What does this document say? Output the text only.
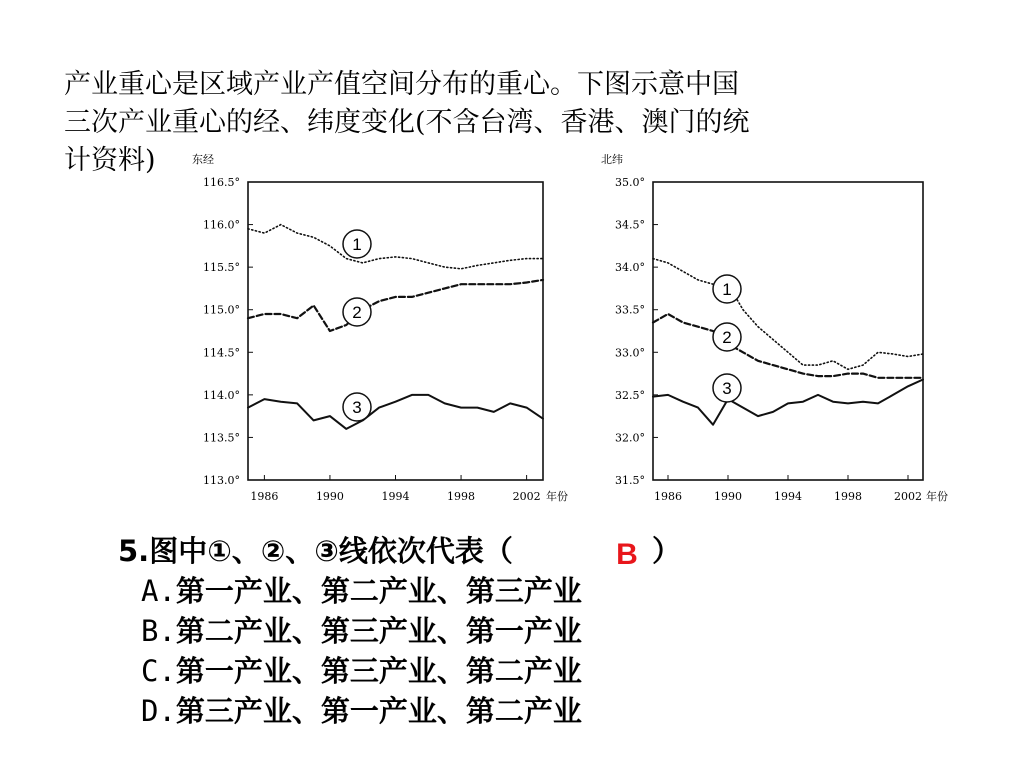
产业重心是区域产业产值空间分布的重心。下图示意中国
三次产业重心的经、纬度变化(不含台湾、香港、澳门的统
计资料)
116.5°
116.0°
115.5°
115.0°
114.5°
114.0°
113.5°
113.0°
1986	1990	1994	1998	2002
东经
年份
1
2
3
35.0°
34.5°
34.0°
33.5°
33.0°
32.5°
32.0°
31.5°
1986	1990	1994	1998	2002
北纬
年份
1
2
3
5.图中①、②、③线依次代表（	B ）
A.第一产业、第二产业、第三产业
B.第二产业、第三产业、第一产业
C.第一产业、第三产业、第二产业
D.第三产业、第一产业、第二产业
